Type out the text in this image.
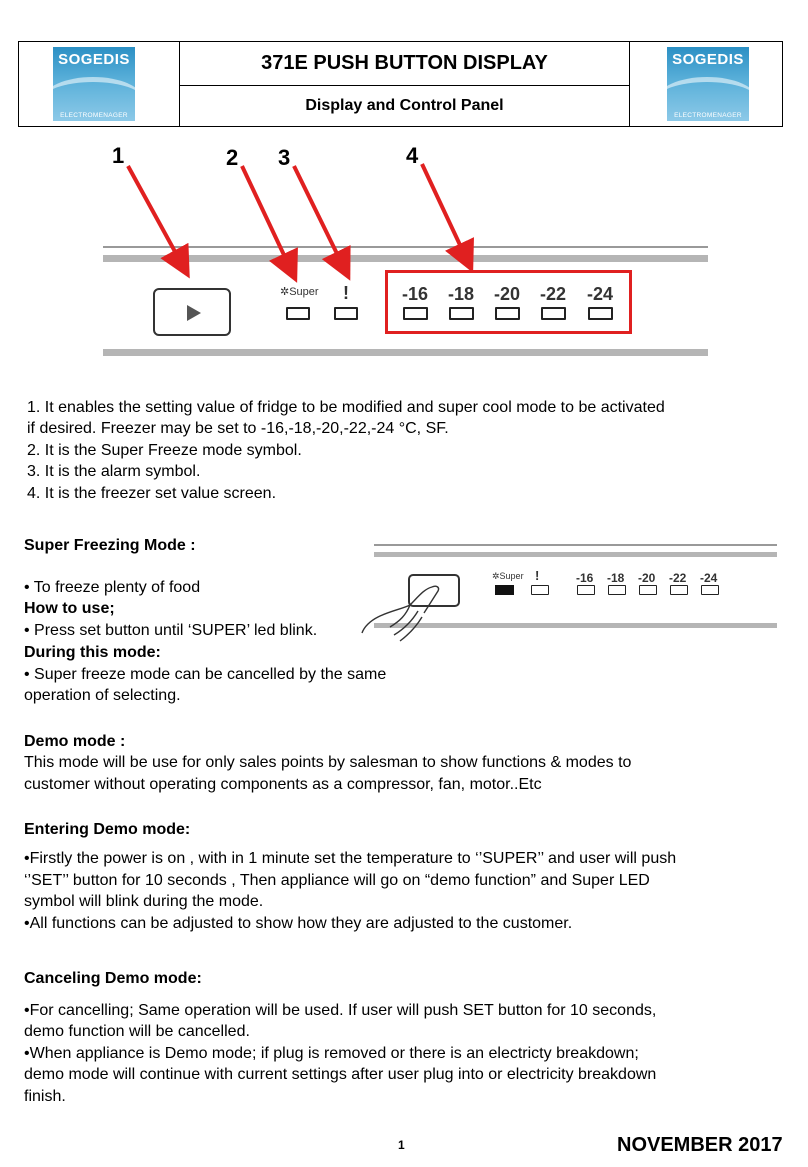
371E PUSH BUTTON DISPLAY
Display and Control Panel
SOGEDIS
ELECTROMENAGER
SOGEDIS
ELECTROMENAGER
✲Super !	-16 -18 -20 -22 -24
1	2 3	4
1. It enables the setting value of fridge to be modified and super cool mode to be activated
if desired. Freezer may be set to -16,-18,-20,-22,-24 °C, SF.
2. It is the Super Freeze mode symbol.
3. It is the alarm symbol.
4. It is the freezer set value screen.
Super Freezing Mode :
• To freeze plenty of food
How to use;
• Press set button until ‘SUPER’ led blink.
During this mode:
• Super freeze mode can be cancelled by the same
operation of selecting.
✲Super !	-16 -18 -20 -22 -24
Demo mode :
This mode will be use for only sales points by salesman to show functions & modes to
customer without operating components as a compressor, fan, motor..Etc
Entering Demo mode:
•Firstly the power is on , with in 1 minute set the temperature to ‘’SUPER’’ and user will push
‘’SET’’ button for 10 seconds , Then appliance will go on “demo function” and Super LED
symbol will blink during the mode.
•All functions can be adjusted to show how they are adjusted to the customer.
Canceling Demo mode:
•For cancelling; Same operation will be used. If user will push SET button for 10 seconds,
demo function will be cancelled.
•When appliance is Demo mode; if plug is removed or there is an electricty breakdown;
demo mode will continue with current settings after user plug into or electricity breakdown
finish.
1	NOVEMBER 2017
